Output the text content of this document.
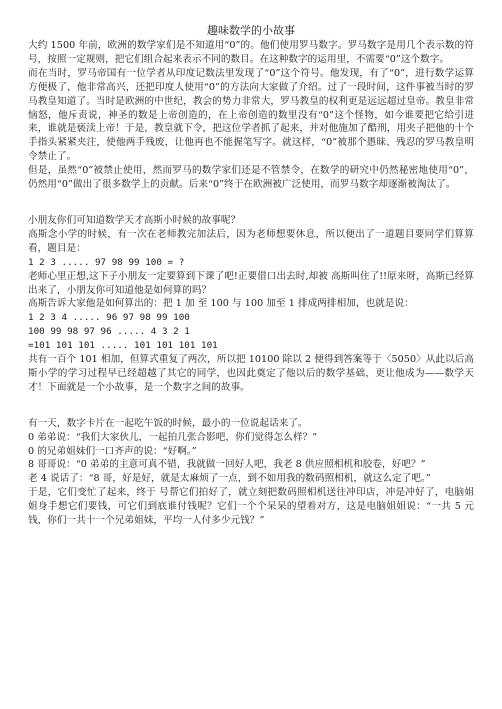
趣味数学的小故事

大约 1500 年前，欧洲的数学家们是不知道用“0”的。他们使用罗马数字。罗马数字是用几个表示数的符号，按照一定规则，把它们组合起来表示不同的数目。在这种数字的运用里，不需要“0”这个数字。

而在当时，罗马帝国有一位学者从印度记数法里发现了“0”这个符号。他发现，有了“0”，进行数学运算方便极了，他非常高兴，还把印度人使用“0”的方法向大家做了介绍。过了一段时间，这件事被当时的罗马教皇知道了。当时是欧洲的中世纪，教会的势力非常大，罗马教皇的权利更是远远超过皇帝。教皇非常恼怒，他斥责说，神圣的数是上帝创造的，在上帝创造的数里没有“0”这个怪物，如今谁要把它给引进来，谁就是亵渎上帝！于是，教皇就下令，把这位学者抓了起来，并对他施加了酷刑，用夹子把他的十个手指头紧紧夹注，使他两手残废，让他再也不能握笔写字。就这样，“0”被那个愚昧、残忍的罗马教皇明令禁止了。

但是，虽然“0”被禁止使用，然而罗马的数学家们还是不管禁令，在数学的研究中仍然秘密地使用“0”，仍然用“0”做出了很多数学上的贡献。后来“0”终于在欧洲被广泛使用，而罗马数字却逐渐被淘汰了。

小朋友你们可知道数学天才高斯小时候的故事呢？

高斯念小学的时候，有一次在老师教完加法后，因为老师想要休息，所以便出了一道题目要同学们算算看，题目是：

1 2 3 ..... 97 98 99 100 = ?

老师心里正想,这下子小朋友一定要算到下课了吧!正要借口出去时,却被 高斯叫住了!!原来呀，高斯已经算出来了，小朋友你可知道他是如何算的吗？

高斯告诉大家他是如何算出的：把 1 加 至 100 与 100 加至 1 排成两排相加，也就是说：

1 2 3 4 ..... 96 97 98 99 100
100 99 98 97 96 ..... 4 3 2 1
=101 101 101 ..... 101 101 101 101

共有一百个 101 相加，但算式重复了两次，所以把 10100 除以 2 便得到答案等于〈5050〉从此以后高斯小学的学习过程早已经超越了其它的同学，也因此奠定了他以后的数学基础，更让他成为——数学天才！下面就是一个小故事，是一个数字之间的故事。

有一天，数字卡片在一起吃午饭的时候，最小的一位说起话来了。

0 弟弟说：“我们大家伙儿，一起拍几张合影吧，你们觉得怎么样？”

0 的兄弟姐妹们一口齐声的说：“好啊。”

8 哥哥说：“0 弟弟的主意可真不错，我就做一回好人吧，我老 8 供应照相机和胶卷，好吧？”

老 4 说话了：“8 哥，好是好，就是太麻烦了一点，到不如用我的数码照相机，就这么定了吧。”

于是，它们变忙了起来，终于 号帮它们拍好了，就立刻把数码照相机送往冲印店，冲是冲好了，电脑姐姐身手想它们要钱，可它们到底谁付钱呢？它们一个个呆呆的望着对方，这是电脑姐姐说：“一共 5 元钱，你们一共十一个兄弟姐妹，平均一人付多少元钱？”
